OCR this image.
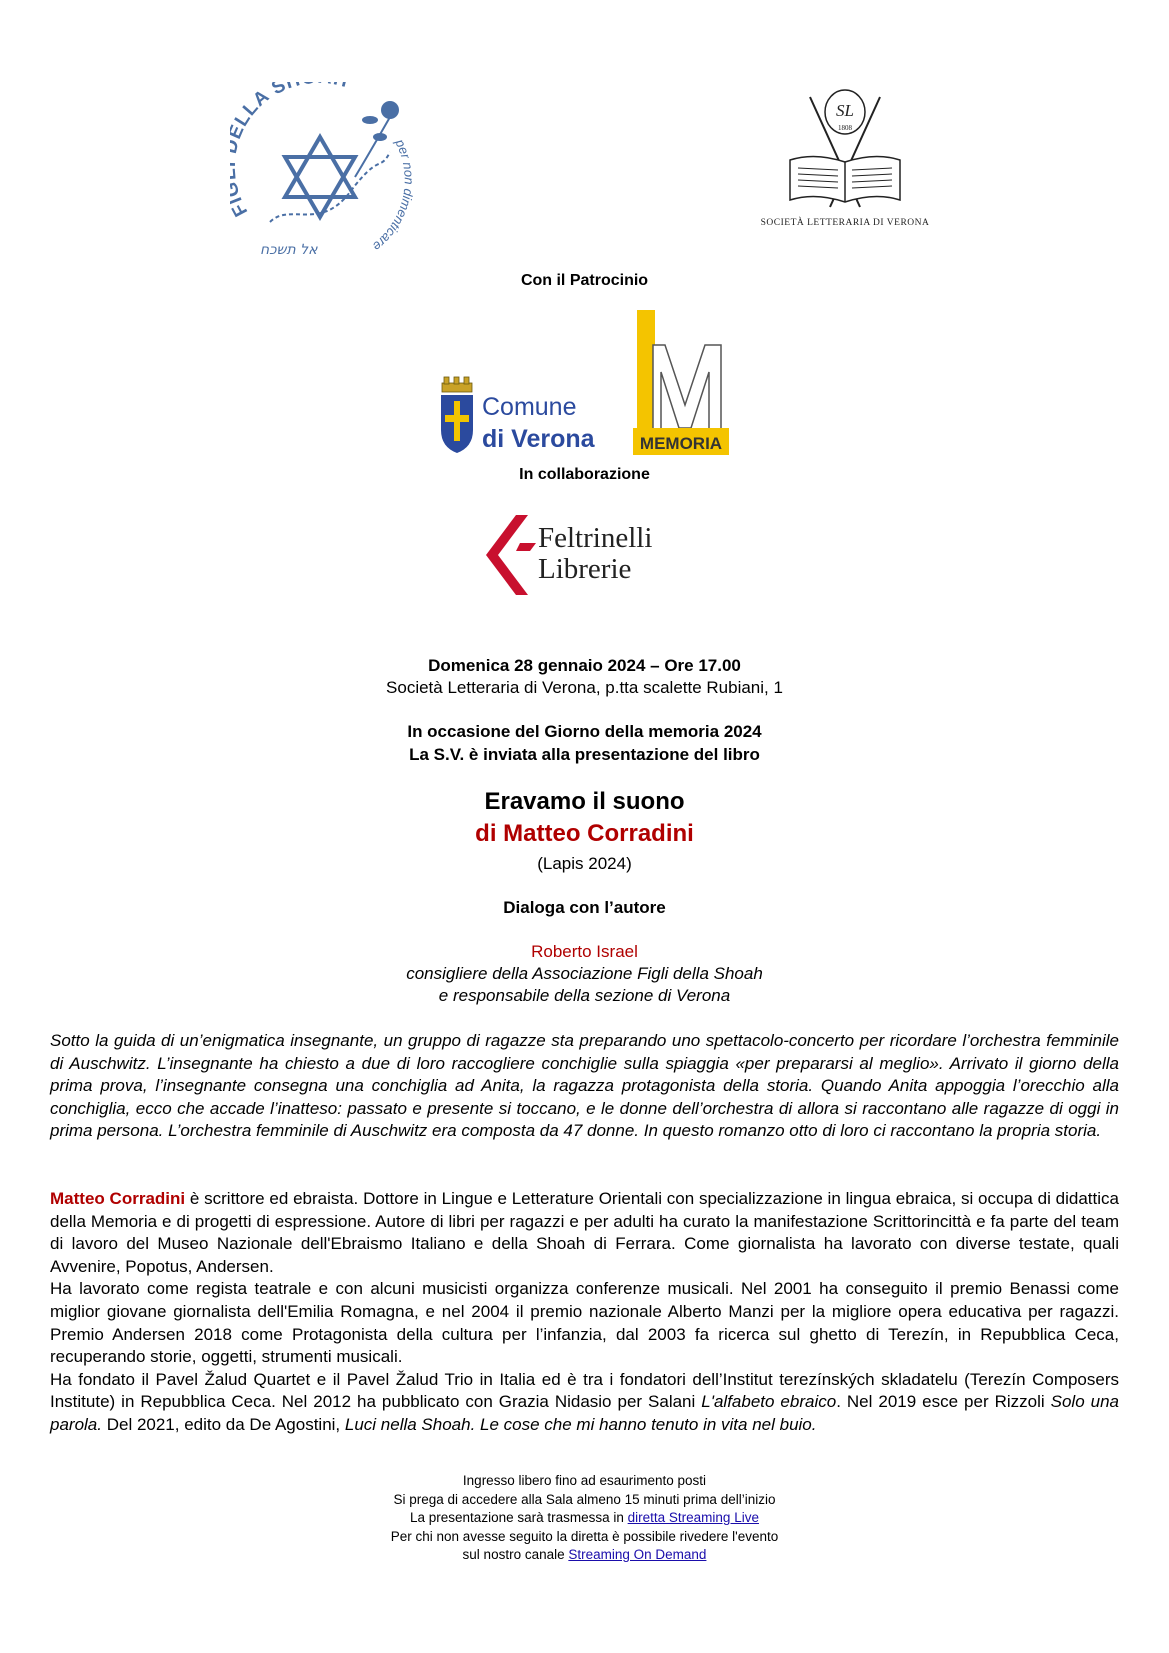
F LLA S
per non dimenticare
אל תשכח
SL
1808
SOCIETÀ LETTERARIA DI VERONA
Con il Patrocinio
Comune
di Verona	MEMORIA
In collaborazione
Feltrinelli
Librerie
Domenica 28 gennaio 2024 – Ore 17.00
Società Letteraria di Verona, p.tta scalette Rubiani, 1
In occasione del Giorno della memoria 2024
La S.V. è inviata alla presentazione del libro
Eravamo il suono
di Matteo Corradini
(Lapis 2024)
Dialoga con l’autore
Roberto Israel
consigliere della Associazione Figli della Shoah
e responsabile della sezione di Verona

Sotto la guida di un’enigmatica insegnante, un gruppo di ragazze sta preparando uno spettacolo-concerto per ricordare l’orchestra femminile di Auschwitz. L’insegnante ha chiesto a due di loro raccogliere conchiglie sulla spiaggia «per prepararsi al meglio». Arrivato il giorno della prima prova, l’insegnante consegna una conchiglia ad Anita, la ragazza protagonista della storia. Quando Anita appoggia l’orecchio alla conchiglia, ecco che accade l’inatteso: passato e presente si toccano, e le donne dell’orchestra di allora si raccontano alle ragazze di oggi in prima persona. L’orchestra femminile di Auschwitz era composta da 47 donne. In questo romanzo otto di loro ci raccontano la propria storia.

Matteo Corradini è scrittore ed ebraista. Dottore in Lingue e Letterature Orientali con specializzazione in lingua ebraica, si occupa di didattica della Memoria e di progetti di espressione. Autore di libri per ragazzi e per adulti ha curato la manifestazione Scrittorincittà e fa parte del team di lavoro del Museo Nazionale dell'Ebraismo Italiano e della Shoah di Ferrara. Come giornalista ha lavorato con diverse testate, quali Avvenire, Popotus, Andersen.

Ha lavorato come regista teatrale e con alcuni musicisti organizza conferenze musicali. Nel 2001 ha conseguito il premio Benassi come miglior giovane giornalista dell'Emilia Romagna, e nel 2004 il premio nazionale Alberto Manzi per la migliore opera educativa per ragazzi. Premio Andersen 2018 come Protagonista della cultura per l’infanzia, dal 2003 fa ricerca sul ghetto di Terezín, in Repubblica Ceca, recuperando storie, oggetti, strumenti musicali.

Ha fondato il Pavel Žalud Quartet e il Pavel Žalud Trio in Italia ed è tra i fondatori dell’Institut terezínských skladatelu (Terezín Composers Institute) in Repubblica Ceca. Nel 2012 ha pubblicato con Grazia Nidasio per Salani L'alfabeto ebraico. Nel 2019 esce per Rizzoli Solo una parola. Del 2021, edito da De Agostini, Luci nella Shoah. Le cose che mi hanno tenuto in vita nel buio.

Ingresso libero fino ad esaurimento posti
Si prega di accedere alla Sala almeno 15 minuti prima dell’inizio
La presentazione sarà trasmessa in diretta Streaming Live
Per chi non avesse seguito la diretta è possibile rivedere l'evento
sul nostro canale Streaming On Demand
